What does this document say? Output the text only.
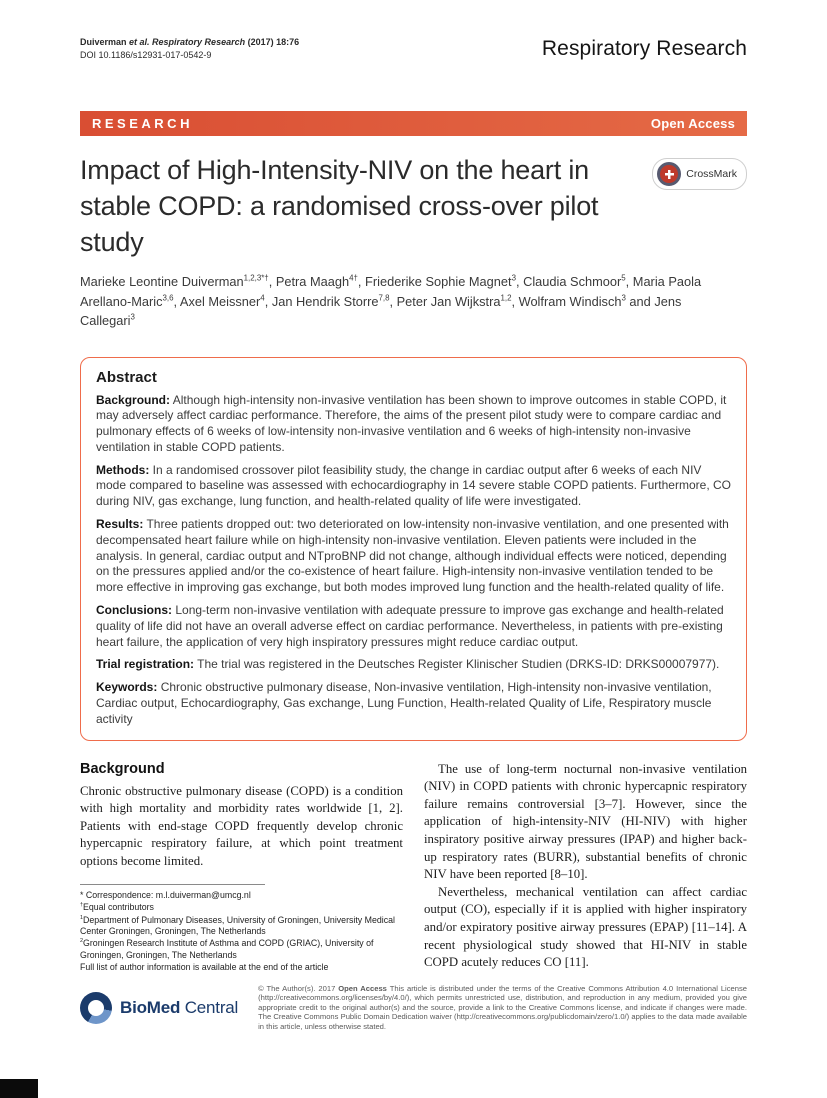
Duiverman et al. Respiratory Research (2017) 18:76
DOI 10.1186/s12931-017-0542-9	Respiratory Research
RESEARCH	Open Access
Impact of High-Intensity-NIV on the heart in stable COPD: a randomised cross-over pilot study
CrossMark

Marieke Leontine Duiverman$^{1,2,3*\dagger}$, Petra Maagh$^{4\dagger}$, Friederike Sophie Magnet$^3$, Claudia Schmoor$^5$, Maria Paola Arellano-Maric$^{3,6}$, Axel Meissner$^4$, Jan Hendrik Storre$^{7,8}$, Peter Jan Wijkstra$^{1,2}$, Wolfram Windisch$^3$ and Jens Callegari$^3$

Abstract

Background: Although high-intensity non-invasive ventilation has been shown to improve outcomes in stable COPD, it may adversely affect cardiac performance. Therefore, the aims of the present pilot study were to compare cardiac and pulmonary effects of 6 weeks of low-intensity non-invasive ventilation and 6 weeks of high-intensity non-invasive ventilation in stable COPD patients.

Methods: In a randomised crossover pilot feasibility study, the change in cardiac output after 6 weeks of each NIV mode compared to baseline was assessed with echocardiography in 14 severe stable COPD patients. Furthermore, CO during NIV, gas exchange, lung function, and health-related quality of life were investigated.

Results: Three patients dropped out: two deteriorated on low-intensity non-invasive ventilation, and one presented with decompensated heart failure while on high-intensity non-invasive ventilation. Eleven patients were included in the analysis. In general, cardiac output and NTproBNP did not change, although individual effects were noticed, depending on the pressures applied and/or the co-existence of heart failure. High-intensity non-invasive ventilation tended to be more effective in improving gas exchange, but both modes improved lung function and the health-related quality of life.

Conclusions: Long-term non-invasive ventilation with adequate pressure to improve gas exchange and health-related quality of life did not have an overall adverse effect on cardiac performance. Nevertheless, in patients with pre-existing heart failure, the application of very high inspiratory pressures might reduce cardiac output.

Trial registration: The trial was registered in the Deutsches Register Klinischer Studien (DRKS-ID: DRKS00007977).

Keywords: Chronic obstructive pulmonary disease, Non-invasive ventilation, High-intensity non-invasive ventilation, Cardiac output, Echocardiography, Gas exchange, Lung Function, Health-related Quality of Life, Respiratory muscle activity

Background

Chronic obstructive pulmonary disease (COPD) is a condition with high mortality and morbidity rates worldwide [1, 2]. Patients with end-stage COPD frequently develop chronic hypercapnic respiratory failure, at which point treatment options become limited.

* Correspondence: m.l.duiverman@umcg.nl

†Equal contributors

$^1$Department of Pulmonary Diseases, University of Groningen, University Medical Center Groningen, Groningen, The Netherlands

$^2$Groningen Research Institute of Asthma and COPD (GRIAC), University of Groningen, Groningen, The Netherlands

Full list of author information is available at the end of the article

The use of long-term nocturnal non-invasive ventilation (NIV) in COPD patients with chronic hypercapnic respiratory failure remains controversial [3–7]. However, since the application of high-intensity-NIV (HI-NIV) with higher inspiratory positive airway pressures (IPAP) and higher back-up respiratory rates (BURR), substantial benefits of chronic NIV have been reported [8–10].

Nevertheless, mechanical ventilation can affect cardiac output (CO), especially if it is applied with higher inspiratory and/or expiratory positive airway pressures (EPAP) [11–14]. A recent physiological study showed that HI-NIV in stable COPD acutely reduces CO [11].

BioMed Central

© The Author(s). 2017 Open Access This article is distributed under the terms of the Creative Commons Attribution 4.0 International License (http://creativecommons.org/licenses/by/4.0/), which permits unrestricted use, distribution, and reproduction in any medium, provided you give appropriate credit to the original author(s) and the source, provide a link to the Creative Commons license, and indicate if changes were made. The Creative Commons Public Domain Dedication waiver (http://creativecommons.org/publicdomain/zero/1.0/) applies to the data made available in this article, unless otherwise stated.
